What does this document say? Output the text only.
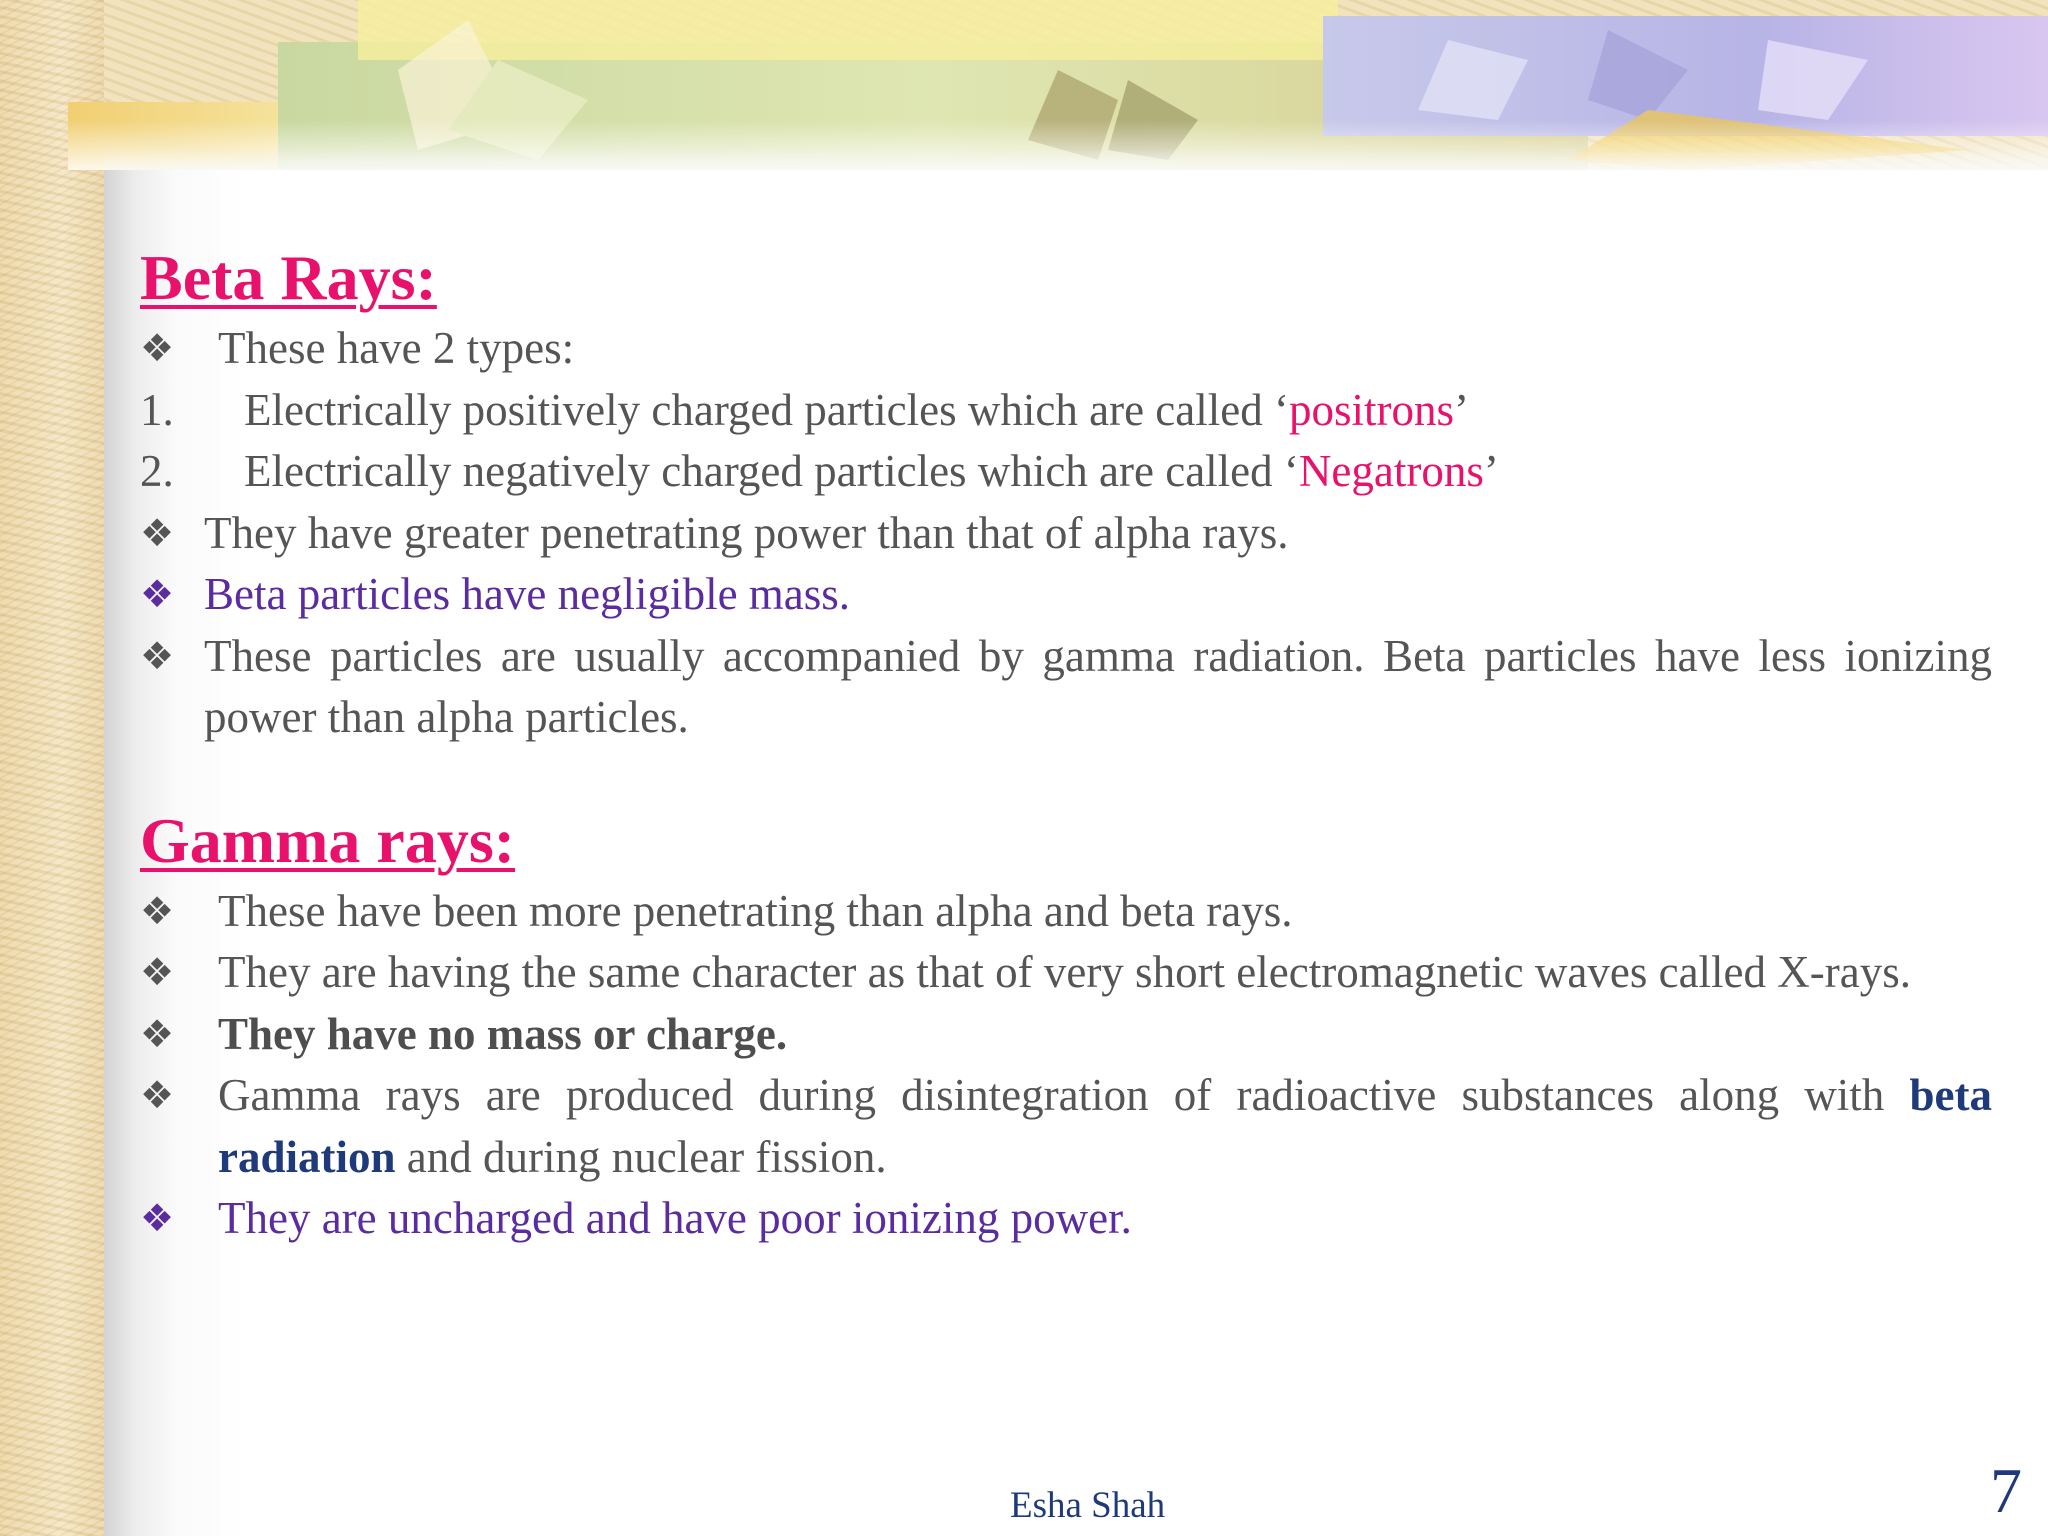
Beta Rays:
❖ These have 2 types:
1.	Electrically positively charged particles which are called ‘positrons’
2.	Electrically negatively charged particles which are called ‘Negatrons’
❖ They have greater penetrating power than that of alpha rays.
❖ Beta particles have negligible mass.
❖ These particles are usually accompanied by gamma radiation. Beta particles have less ionizing power than alpha particles.
Gamma rays:
❖ These have been more penetrating than alpha and beta rays.
❖ They are having the same character as that of very short electromagnetic waves called X-rays.
❖ They have no mass or charge.
❖ Gamma rays are produced during disintegration of radioactive substances along with beta radiation and during nuclear fission.
❖ They are uncharged and have poor ionizing power.
Esha Shah	7
